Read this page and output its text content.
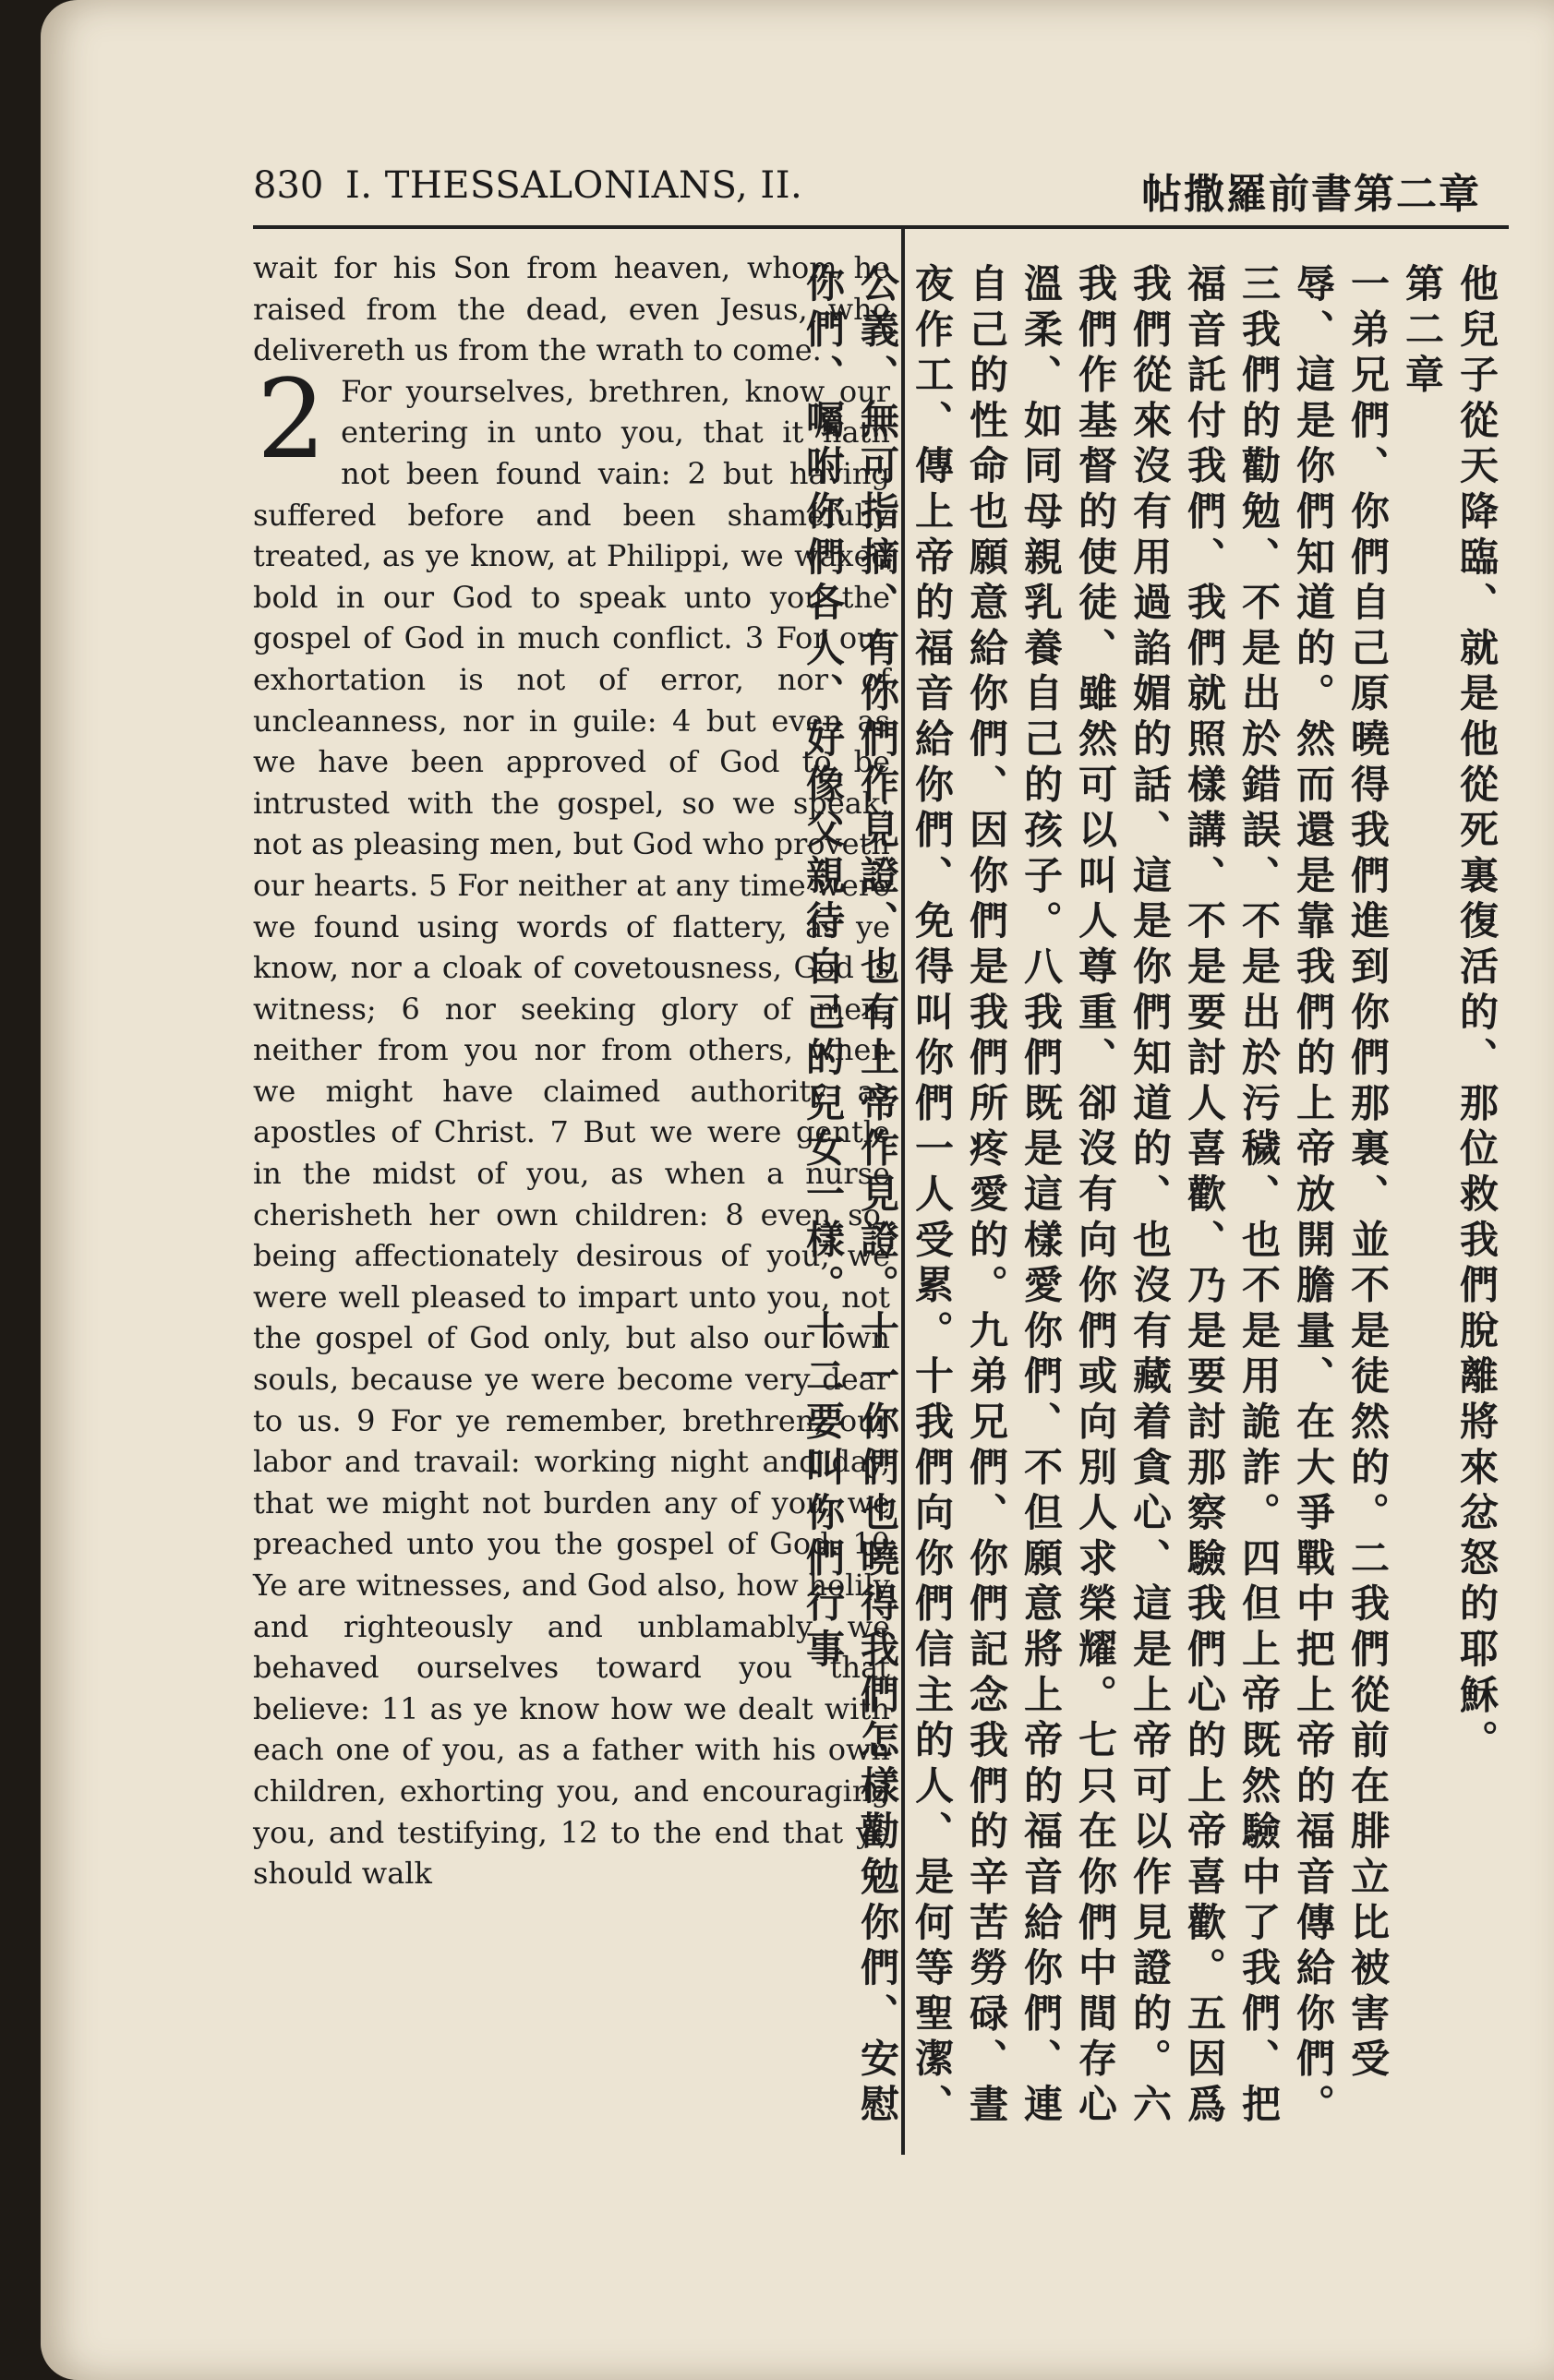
830 I. THESSALONIANS, II.	帖撒羅前書第二章

wait for his Son from heaven, whom he raised from the dead, even Jesus, who delivereth us from the wrath to come.

2 For yourselves, brethren, know our entering in unto you, that it hath not been found vain: 2 but having suffered before and been shamefully treated, as ye know, at Philippi, we waxed bold in our God to speak unto you the gospel of God in much conflict. 3 For our exhortation is not of error, nor of uncleanness, nor in guile: 4 but even as we have been approved of God to be intrusted with the gospel, so we speak; not as pleasing men, but God who proveth our hearts. 5 For neither at any time were we found using words of flattery, as ye know, nor a cloak of covetousness, God is witness; 6 nor seeking glory of men, neither from you nor from others, when we might have claimed authority as apostles of Christ. 7 But we were gentle in the midst of you, as when a nurse cherisheth her own children: 8 even so, being affectionately desirous of you, we were well pleased to impart unto you, not the gospel of God only, but also our own souls, because ye were become very dear to us. 9 For ye remember, brethren, our labor and travail: working night and day, that we might not burden any of you, we preached unto you the gospel of God. 10 Ye are witnesses, and God also, how holily and righteously and unblamably we behaved ourselves toward you that believe: 11 as ye know how we dealt with each one of you, as a father with his own children, exhorting you, and encouraging you, and testifying, 12 to the end that ye should walk

他兒子從天降臨、就是他從死裏復活的、那位救我們脫離將來忿怒的耶穌。

第二章

一弟兄們、你們自己原曉得我們進到你們那裏、並不是徒然的。二我們從前在腓立比被害受辱、這是你們知道的。然而還是靠我們的上帝放開膽量、在大爭戰中把上帝的福音傳給你們。三我們的勸勉、不是出於錯誤、不是出於污穢、也不是用詭詐。四但上帝既然驗中了我們、把福音託付我們、我們就照樣講、不是要討人喜歡、乃是要討那察驗我們心的上帝喜歡。五因爲我們從來沒有用過諂媚的話、這是你們知道的、也沒有藏着貪心、這是上帝可以作見證的。六我們作基督的使徒、雖然可以叫人尊重、卻沒有向你們或向別人求榮耀。七只在你們中間存心溫柔、如同母親乳養自己的孩子。八我們既是這樣愛你們、不但願意將上帝的福音給你們、連自己的性命也願意給你們、因你們是我們所疼愛的。九弟兄們、你們記念我們的辛苦勞碌、晝夜作工、傳上帝的福音給你們、免得叫你們一人受累。十我們向你們信主的人、是何等聖潔、公義、無可指摘、有你們作見證、也有上帝作見證。十一你們也曉得我們怎樣勸勉你們、安慰你們、囑咐你們各人、好像父親待自己的兒女一樣。十二要叫你們行事
